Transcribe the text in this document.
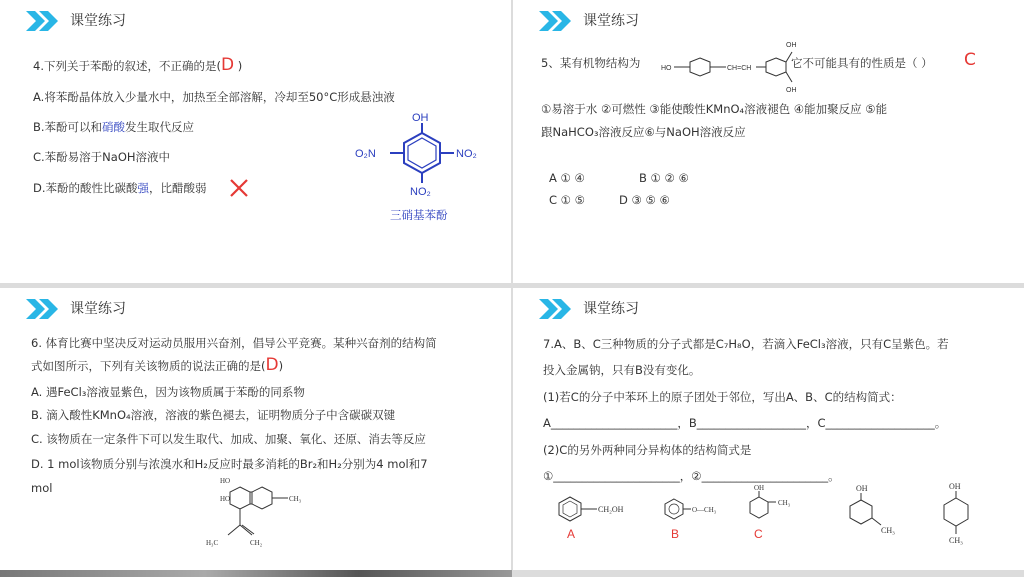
课堂练习
4.下列关于苯酚的叙述，不正确的是(D )
A.将苯酚晶体放入少量水中，加热至全部溶解，冷却至50°C形成悬浊液
B.苯酚可以和硝酸发生取代反应
C.苯酚易溶于NaOH溶液中
D.苯酚的酸性比碳酸强，比醋酸弱
OH
O₂N	NO₂
NO₂
三硝基苯酚
课堂练习
5、某有机物结构为	HO	CH=CH
OH
OH
它不可能具有的性质是（ ） C
①易溶于水 ②可燃性 ③能使酸性KMnO₄溶液褪色 ④能加聚反应 ⑤能
跟NaHCO₃溶液反应⑥与NaOH溶液反应
A ① ④	B ① ② ⑥
C ① ⑤	D ③ ⑤ ⑥
课堂练习
6. 体育比赛中坚决反对运动员服用兴奋剂，倡导公平竞赛。某种兴奋剂的结构简
式如图所示，下列有关该物质的说法正确的是(D)
A. 遇FeCl₃溶液显紫色，因为该物质属于苯酚的同系物
B. 滴入酸性KMnO₄溶液，溶液的紫色褪去，证明物质分子中含碳碳双键
C. 该物质在一定条件下可以发生取代、加成、加聚、氧化、还原、消去等反应
D. 1 mol该物质分别与浓溴水和H₂反应时最多消耗的Br₂和H₂分别为4 mol和7
mol	HO
HO	CH₃
H₃C	CH₂
课堂练习
7.A、B、C三种物质的分子式都是C₇H₈O，若滴入FeCl₃溶液，只有C呈紫色。若
投入金属钠，只有B没有变化。
(1)若C的分子中苯环上的原子团处于邻位，写出A、B、C的结构简式：
A______________________，B___________________，C___________________。
(2)C的另外两种同分异构体的结构简式是
①______________________，②______________________。
CH₂OH
A
O—CH₃
B
OH
CH₃
C
OH
CH₃
OH
CH₃
